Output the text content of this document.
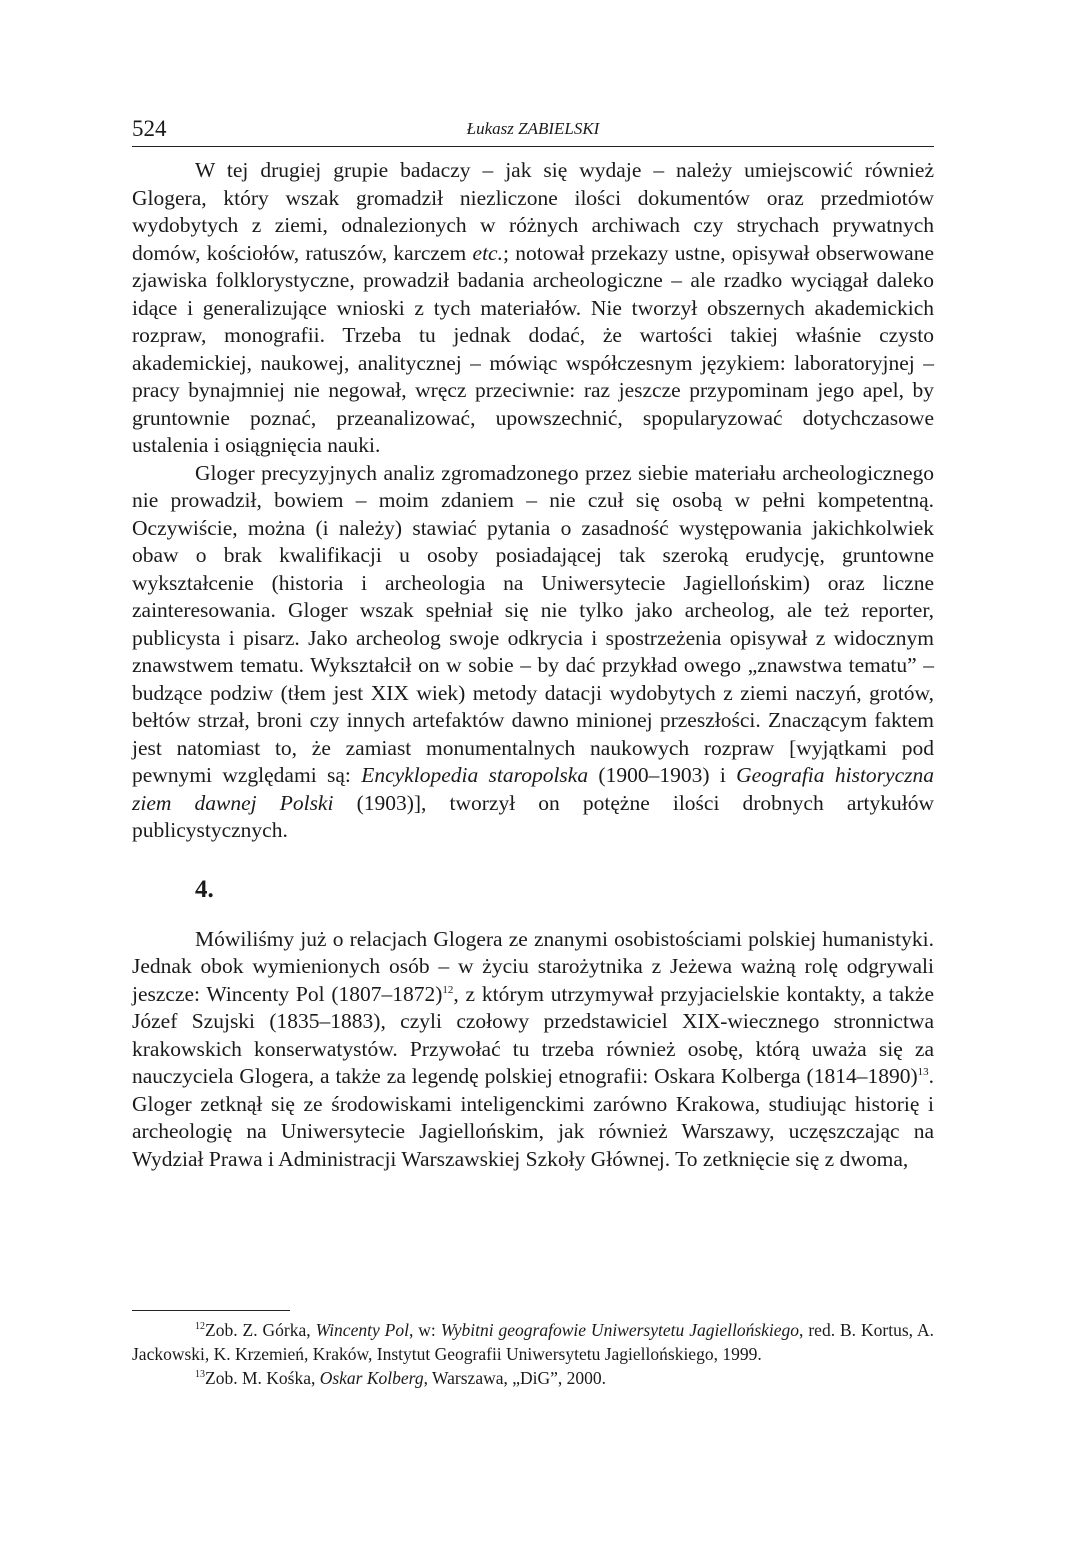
524	Łukasz ZABIELSKI

W tej drugiej grupie badaczy – jak się wydaje – należy umiejscowić również Glogera, który wszak gromadził niezliczone ilości dokumentów oraz przedmiotów wydobytych z ziemi, odnalezionych w różnych archiwach czy strychach prywatnych domów, kościołów, ratuszów, karczem etc.; notował przekazy ustne, opisywał obserwowane zjawiska folklorystyczne, prowadził badania archeologiczne – ale rzadko wyciągał daleko idące i generalizujące wnioski z tych materiałów. Nie tworzył obszernych akademickich rozpraw, monografii. Trzeba tu jednak dodać, że wartości takiej właśnie czysto akademickiej, naukowej, analitycznej – mówiąc współczesnym językiem: laboratoryjnej – pracy bynajmniej nie negował, wręcz przeciwnie: raz jeszcze przypominam jego apel, by gruntownie poznać, przeanalizować, upowszechnić, spopularyzować dotychczasowe ustalenia i osiągnięcia nauki.

Gloger precyzyjnych analiz zgromadzonego przez siebie materiału archeologicznego nie prowadził, bowiem – moim zdaniem – nie czuł się osobą w pełni kompetentną. Oczywiście, można (i należy) stawiać pytania o zasadność występowania jakichkolwiek obaw o brak kwalifikacji u osoby posiadającej tak szeroką erudycję, gruntowne wykształcenie (historia i archeologia na Uniwersytecie Jagiellońskim) oraz liczne zainteresowania. Gloger wszak spełniał się nie tylko jako archeolog, ale też reporter, publicysta i pisarz. Jako archeolog swoje odkrycia i spostrzeżenia opisywał z widocznym znawstwem tematu. Wykształcił on w sobie – by dać przykład owego „znawstwa tematu” – budzące podziw (tłem jest XIX wiek) metody datacji wydobytych z ziemi naczyń, grotów, bełtów strzał, broni czy innych artefaktów dawno minionej przeszłości. Znaczącym faktem jest natomiast to, że zamiast monumentalnych naukowych rozpraw [wyjątkami pod pewnymi względami są: Encyklopedia staropolska (1900–1903) i Geografia historyczna ziem dawnej Polski (1903)], tworzył on potężne ilości drobnych artykułów publicystycznych.

4.

Mówiliśmy już o relacjach Glogera ze znanymi osobistościami polskiej humanistyki. Jednak obok wymienionych osób – w życiu starożytnika z Jeżewa ważną rolę odgrywali jeszcze: Wincenty Pol (1807–1872)$^{12}$, z którym utrzymywał przyjacielskie kontakty, a także Józef Szujski (1835–1883), czyli czołowy przedstawiciel XIX-wiecznego stronnictwa krakowskich konserwatystów. Przywołać tu trzeba również osobę, którą uważa się za nauczyciela Glogera, a także za legendę polskiej etnografii: Oskara Kolberga (1814–1890)$^{13}$. Gloger zetknął się ze środowiskami inteligenckimi zarówno Krakowa, studiując historię i archeologię na Uniwersytecie Jagiellońskim, jak również Warszawy, uczęszczając na Wydział Prawa i Administracji Warszawskiej Szkoły Głównej. To zetknięcie się z dwoma,

$^{12}$Zob. Z. Górka, Wincenty Pol, w: Wybitni geografowie Uniwersytetu Jagiellońskiego, red. B. Kortus, A. Jackowski, K. Krzemień, Kraków, Instytut Geografii Uniwersytetu Jagiellońskiego, 1999.

$^{13}$Zob. M. Kośka, Oskar Kolberg, Warszawa, „DiG”, 2000.
